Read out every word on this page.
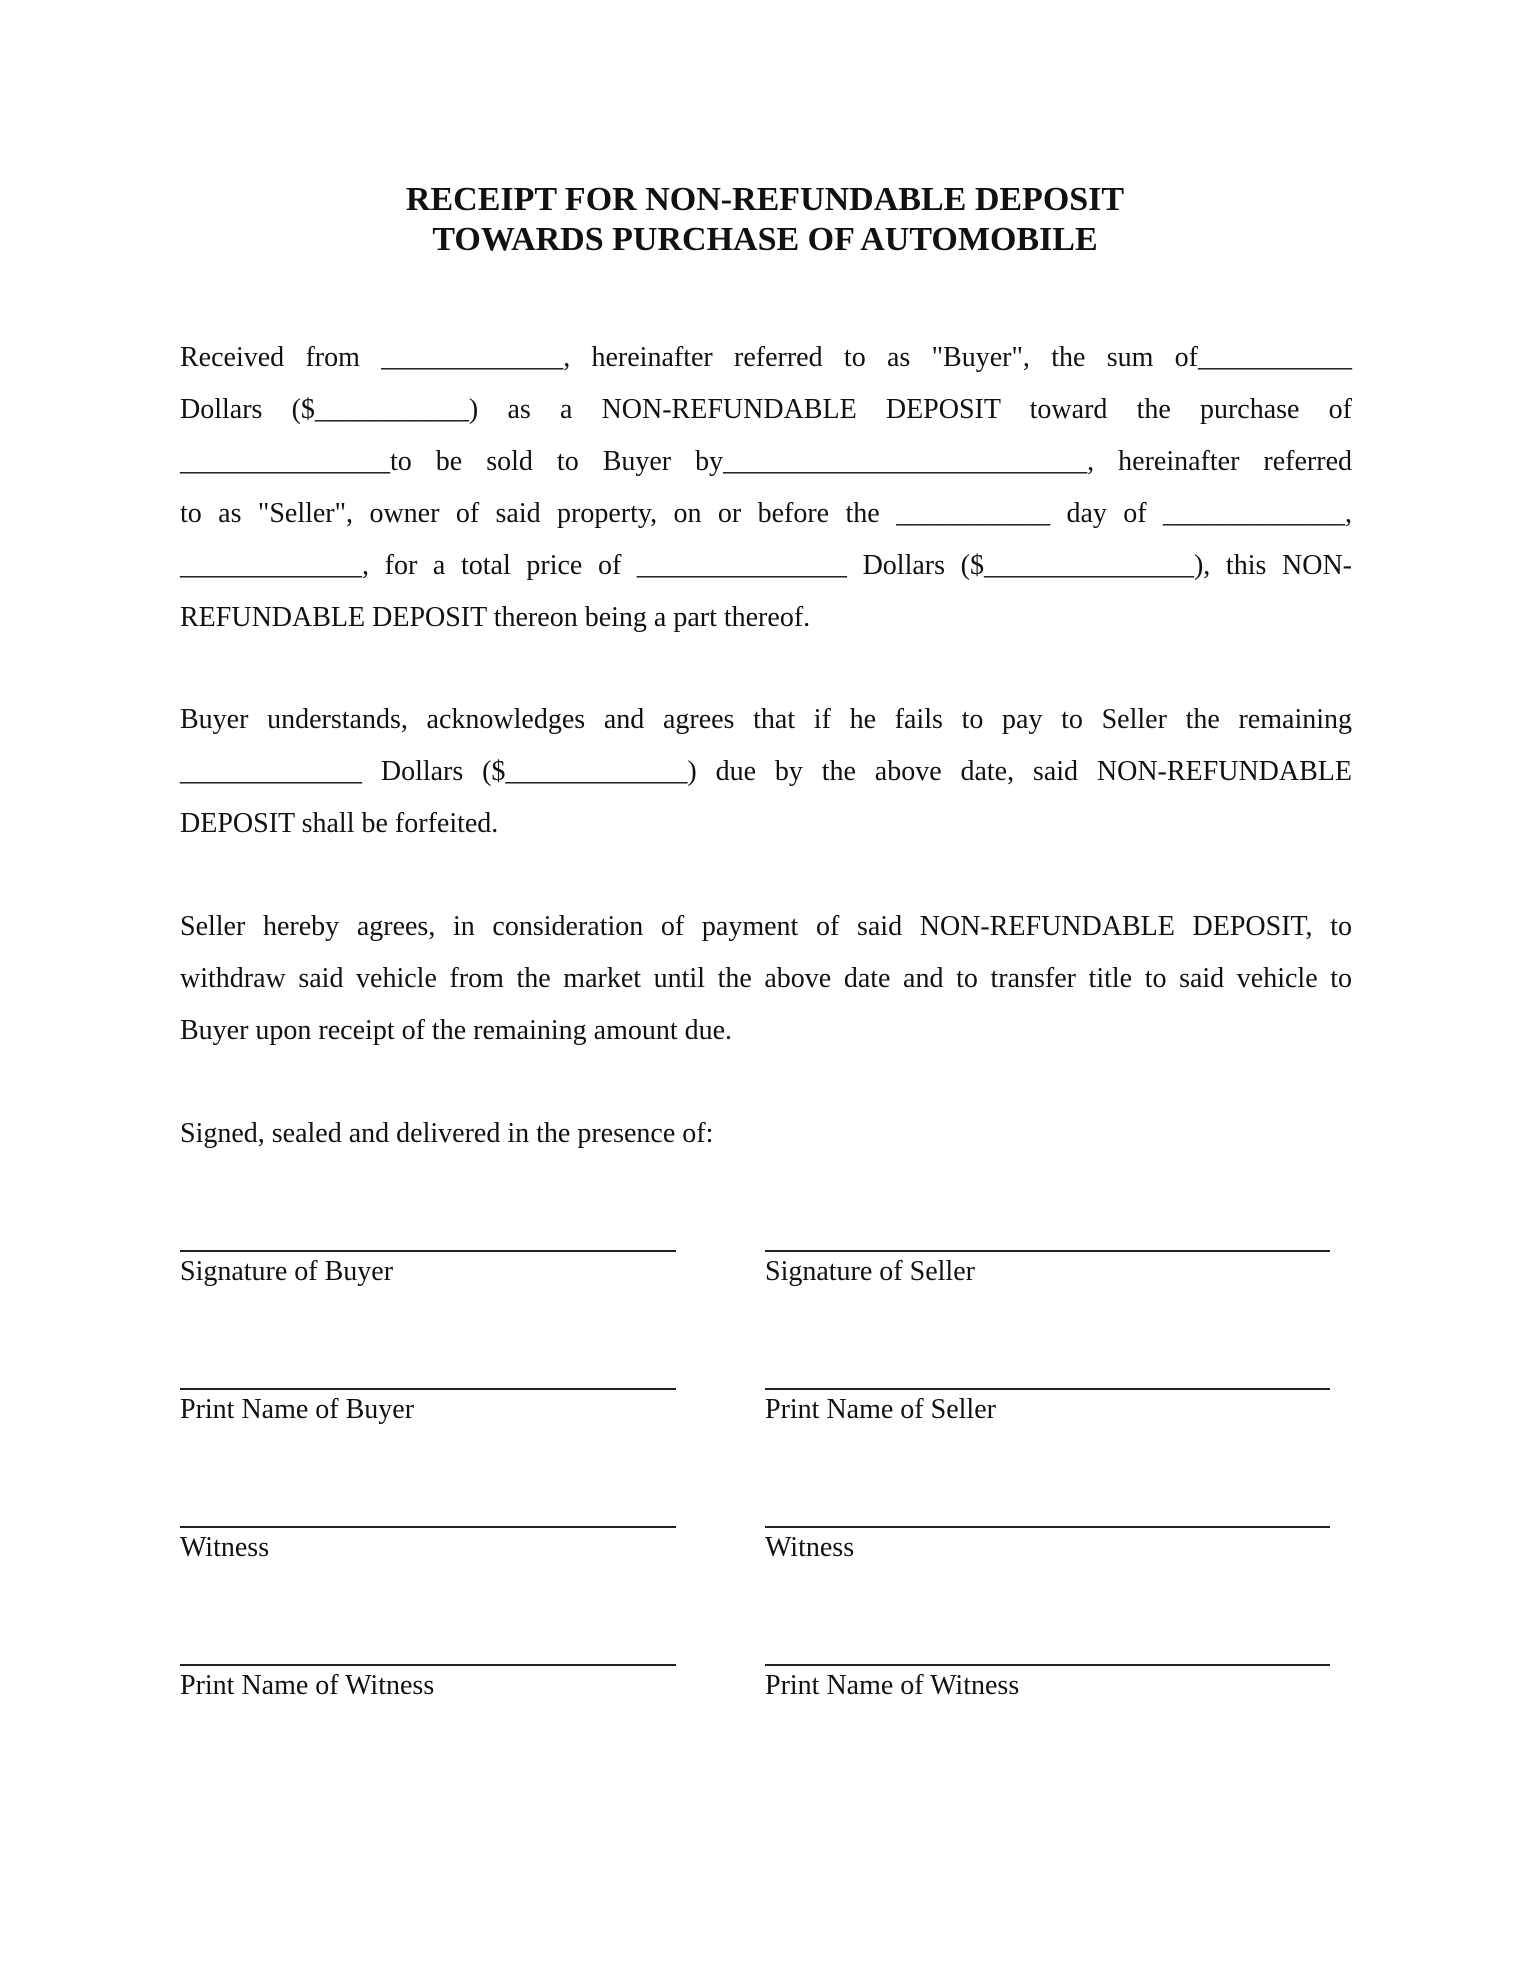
RECEIPT FOR NON-REFUNDABLE DEPOSIT
TOWARDS PURCHASE OF AUTOMOBILE
Received from _____________, hereinafter referred to as "Buyer", the sum of___________
Dollars ($___________) as a NON-REFUNDABLE DEPOSIT toward the purchase of
_______________to be sold to Buyer by__________________________, hereinafter referred
to as "Seller", owner of said property, on or before the ___________ day of _____________,
_____________, for a total price of _______________ Dollars ($_______________), this NON-
REFUNDABLE DEPOSIT thereon being a part thereof.
Buyer understands, acknowledges and agrees that if he fails to pay to Seller the remaining
_____________ Dollars ($_____________) due by the above date, said NON-REFUNDABLE
DEPOSIT shall be forfeited.
Seller hereby agrees, in consideration of payment of said NON-REFUNDABLE DEPOSIT, to
withdraw said vehicle from the market until the above date and to transfer title to said vehicle to
Buyer upon receipt of the remaining amount due.
Signed, sealed and delivered in the presence of:
Signature of Buyer	Signature of Seller
Print Name of Buyer	Print Name of Seller
Witness	Witness
Print Name of Witness	Print Name of Witness
